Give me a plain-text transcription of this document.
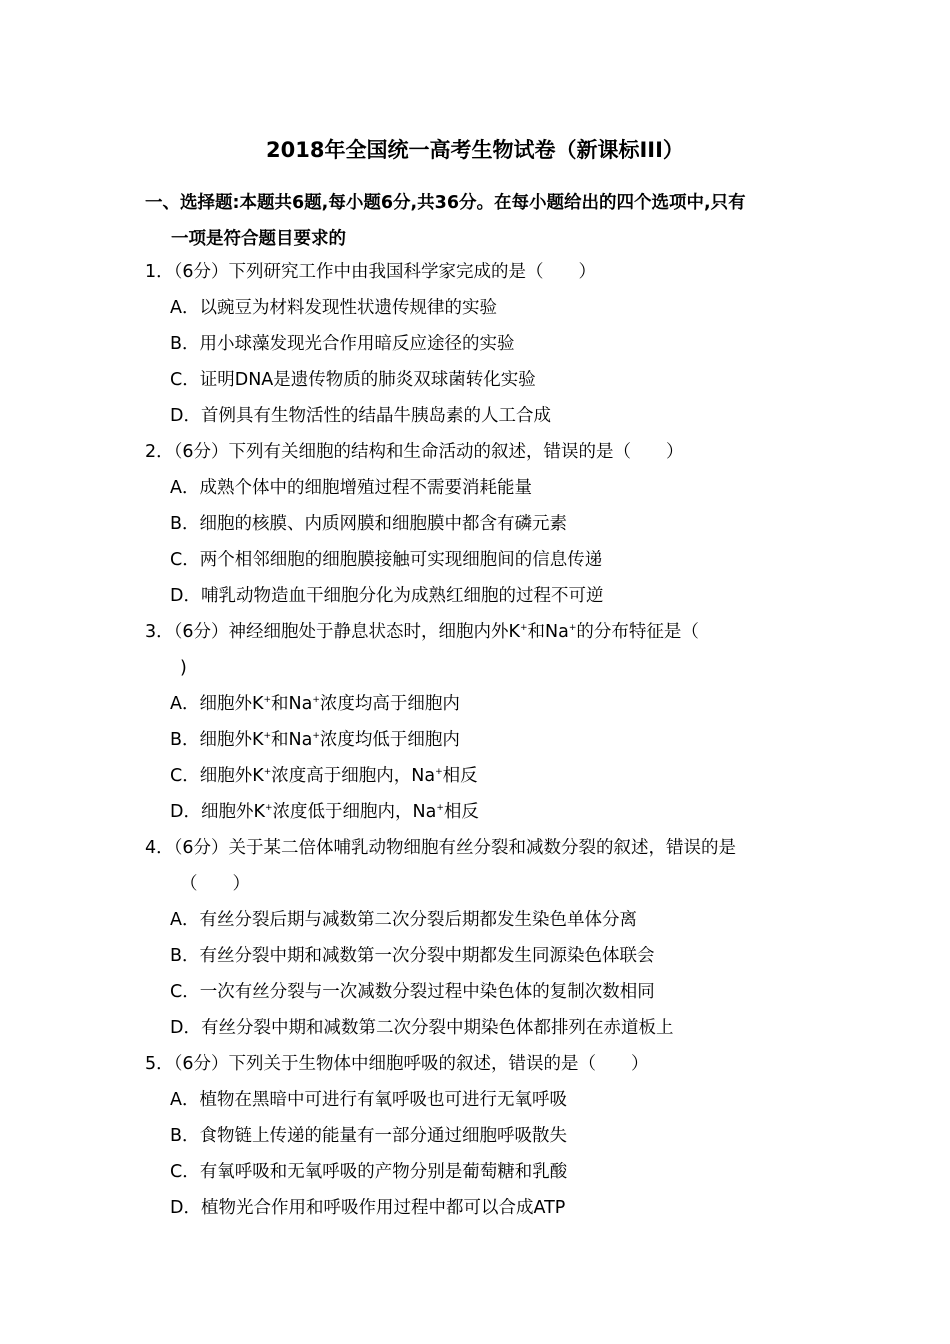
2018年全国统一高考生物试卷（新课标III）
一、选择题:本题共6题,每小题6分,共36分。在每小题给出的四个选项中,只有
一项是符合题目要求的
1．（6分）下列研究工作中由我国科学家完成的是（　　）
A．以豌豆为材料发现性状遗传规律的实验
B．用小球藻发现光合作用暗反应途径的实验
C．证明DNA是遗传物质的肺炎双球菌转化实验
D．首例具有生物活性的结晶牛胰岛素的人工合成
2．（6分）下列有关细胞的结构和生命活动的叙述，错误的是（　　）
A．成熟个体中的细胞增殖过程不需要消耗能量
B．细胞的核膜、内质网膜和细胞膜中都含有磷元素
C．两个相邻细胞的细胞膜接触可实现细胞间的信息传递
D．哺乳动物造血干细胞分化为成熟红细胞的过程不可逆
3．（6分）神经细胞处于静息状态时，细胞内外K+和Na+的分布特征是（
)
A．细胞外K+和Na+浓度均高于细胞内
B．细胞外K+和Na+浓度均低于细胞内
C．细胞外K+浓度高于细胞内，Na+相反
D．细胞外K+浓度低于细胞内，Na+相反
4．（6分）关于某二倍体哺乳动物细胞有丝分裂和减数分裂的叙述，错误的是
（　　）
A．有丝分裂后期与减数第二次分裂后期都发生染色单体分离
B．有丝分裂中期和减数第一次分裂中期都发生同源染色体联会
C．一次有丝分裂与一次减数分裂过程中染色体的复制次数相同
D．有丝分裂中期和减数第二次分裂中期染色体都排列在赤道板上
5．（6分）下列关于生物体中细胞呼吸的叙述，错误的是（　　）
A．植物在黑暗中可进行有氧呼吸也可进行无氧呼吸
B．食物链上传递的能量有一部分通过细胞呼吸散失
C．有氧呼吸和无氧呼吸的产物分别是葡萄糖和乳酸
D．植物光合作用和呼吸作用过程中都可以合成ATP
